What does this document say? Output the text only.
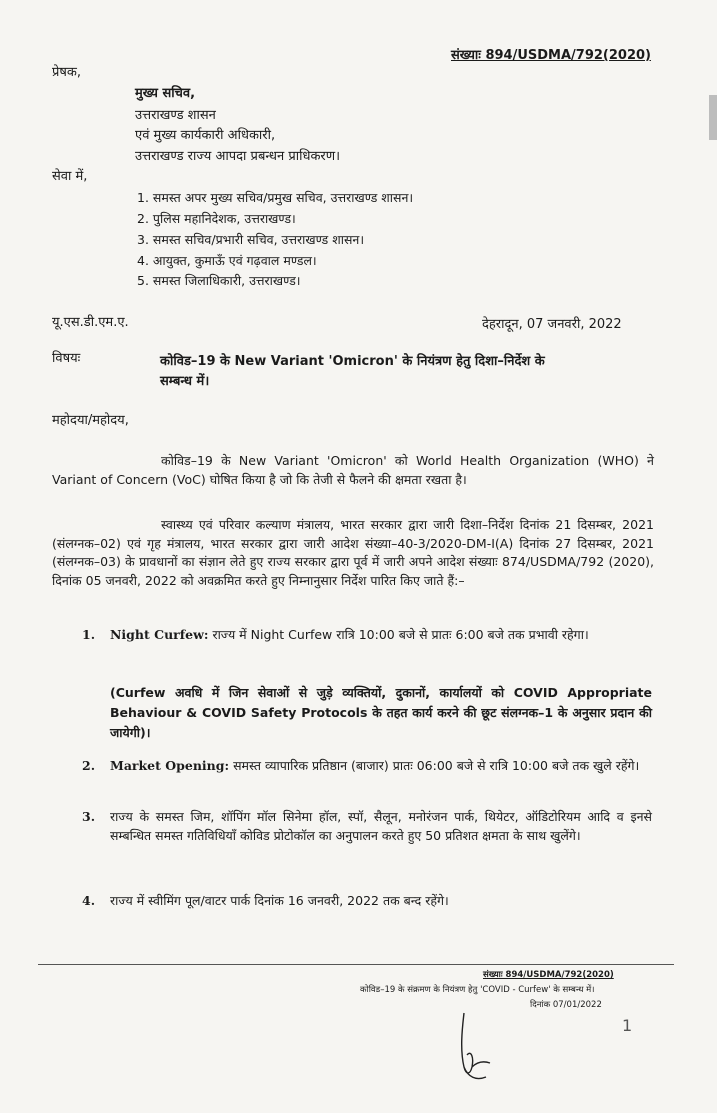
संख्याः 894/USDMA/792(2020)
प्रेषक,
मुख्य सचिव,
उत्तराखण्ड शासन
एवं मुख्य कार्यकारी अधिकारी,
उत्तराखण्ड राज्य आपदा प्रबन्धन प्राधिकरण।
सेवा में,
1. समस्त अपर मुख्य सचिव/प्रमुख सचिव, उत्तराखण्ड शासन।
2. पुलिस महानिदेशक, उत्तराखण्ड।
3. समस्त सचिव/प्रभारी सचिव, उत्तराखण्ड शासन।
4. आयुक्त, कुमाऊँ एवं गढ़वाल मण्डल।
5. समस्त जिलाधिकारी, उत्तराखण्ड।
यू.एस.डी.एम.ए.	देहरादून, 07 जनवरी, 2022
विषयः	कोविड–19 के New Variant 'Omicron' के नियंत्रण हेतु दिशा–निर्देश के
सम्बन्ध में।
महोदया/महोदय,
कोविड–19 के New Variant 'Omicron' को World Health Organization (WHO) ने Variant of Concern (VoC) घोषित किया है जो कि तेजी से फैलने की क्षमता रखता है।
स्वास्थ्य एवं परिवार कल्याण मंत्रालय, भारत सरकार द्वारा जारी दिशा–निर्देश दिनांक 21 दिसम्बर, 2021 (संलग्नक–02) एवं गृह मंत्रालय, भारत सरकार द्वारा जारी आदेश संख्या–40-3/2020-DM-I(A) दिनांक 27 दिसम्बर, 2021 (संलग्नक–03) के प्रावधानों का संज्ञान लेते हुए राज्य सरकार द्वारा पूर्व में जारी अपने आदेश संख्याः 874/USDMA/792 (2020), दिनांक 05 जनवरी, 2022 को अवक्रमित करते हुए निम्नानुसार निर्देश पारित किए जाते हैं:–
1. Night Curfew: राज्य में Night Curfew रात्रि 10:00 बजे से प्रातः 6:00 बजे तक प्रभावी रहेगा।
(Curfew अवधि में जिन सेवाओं से जुड़े व्यक्तियों, दुकानों, कार्यालयों को COVID Appropriate Behaviour & COVID Safety Protocols के तहत कार्य करने की छूट संलग्नक–1 के अनुसार प्रदान की जायेगी)।
2. Market Opening: समस्त व्यापारिक प्रतिष्ठान (बाजार) प्रातः 06:00 बजे से रात्रि 10:00 बजे तक खुले रहेंगे।
3. राज्य के समस्त जिम, शॉपिंग मॉल सिनेमा हॉल, स्पॉ, सैलून, मनोरंजन पार्क, थियेटर, ऑडिटोरियम आदि व इनसे सम्बन्धित समस्त गतिविधियाँ कोविड प्रोटोकॉल का अनुपालन करते हुए 50 प्रतिशत क्षमता के साथ खुलेंगे।
4. राज्य में स्वीमिंग पूल/वाटर पार्क दिनांक 16 जनवरी, 2022 तक बन्द रहेंगे।
संख्याः 894/USDMA/792(2020)
कोविड–19 के संक्रमण के नियंत्रण हेतु 'COVID - Curfew' के सम्बन्ध में।
दिनांक 07/01/2022
1
